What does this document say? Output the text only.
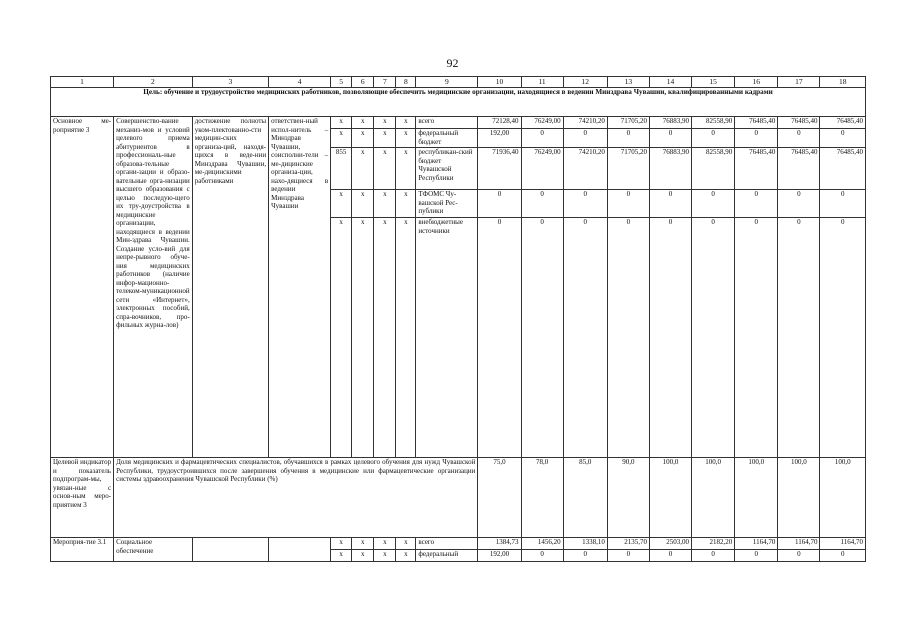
92
1	2	3	4	5	6	7	8	9	10	11	12	13	14	15	16	17	18
Цель: обучение и трудоустройство медицинских работников, позволяющие обеспечить медицинские организации, находящиеся в ведении Минздрава Чувашии, квалифицированными кадрами																	
Основное ме-роприятие 3	Совершенство-вание механиз-мов и условий целевого приема абитуриентов в профессиональ-ные образова-тельные органи-зации и образо-вательные орга-низации высшего образования с целью последую-щего их тру-доустройства в медицинские организации, находящиеся в ведении Мин-здрава Чувашии. Создание усло-вий для непре-рывного обуче-ния медицинских работников (наличие инфор-мационно-телеком-муникационной сети «Интернет», электронных пособий, спра-вочников, про-фильных журна-лов)	достижение полноты уком-плектованно-сти медицин-ских организа-ций, находя-щихся в веде-нии Минздрава Чувашии, ме-дицинскими работниками	ответствен-ный испол-нитель – Минздрав Чувашии, соисполни-тели – ме-дицинские организа-ции, нахо-дящиеся в ведении Минздрава Чувашии	х	х	х	х	всего	72128,40	76249,00	74210,20	71705,20	76883,90	82558,90	76485,40	76485,40	76485,40
				х	х	х	х	федеральный бюджет	192,00	0	0	0	0	0	0	0	0
				855	х	х	х	республикан-ский бюджет Чувашской Республики	71936,40	76249,00	74210,20	71705,20	76883,90	82558,90	76485,40	76485,40	76485,40
				х	х	х	х	ТФОМС Чу-вашской Рес-публики	0	0	0	0	0	0	0	0	0
				х	х	х	х	внебюджетные источники	0	0	0	0	0	0	0	0	0
Целевой индикатор и показатель подпрограм-мы, увязан-ные с основ-ным меро-приятием 3	Доля медицинских и фармацевтических специалистов, обучавшихся в рамках целевого обучения для нужд Чувашской Республики, трудоустроившихся после завершения обучения в медицинские или фармацевтические организации системы здравоохранения Чувашской Республики (%)								75,0	78,0	85,0	90,0	100,0	100,0	100,0	100,0	100,0
Мероприя-тие 3.1	Социальное обеспечение			х	х	х	х	всего	1384,73	1456,20	1338,10	2135,70	2503,00	2182,20	1164,70	1164,70	1164,70
				х	х	х	х	федеральный	192,00	0	0	0	0	0	0	0	0
